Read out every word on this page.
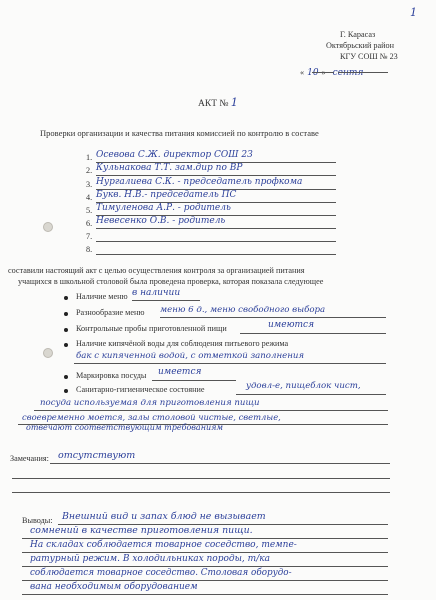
1
Г. Карасаз
Октябрьский район
КГУ СОШ № 23
« 10 » сентя
АКТ № 1
Проверки организации и качества питания комиссией по контролю в составе
1. Осевова С.Ж. директор СОШ 23
2. Кульнакова Т.Т. зам.дир по ВР
3. Нургалиева С.К. - председатель профкома
4. Букв. Н.В.- председатель ПС
5. Тимуленова А.Р. - родитель
6. Невесенко О.В. - родитель
7.
8.
составили настоящий акт с целью осуществления контроля за организацией питания
учащихся в школьной столовой была проведена проверка, которая показала следующее
Наличие меню в наличии
Разнообразие меню меню 6 д., меню свободного выбора
Контрольные пробы приготовленной пищи	имеются
Наличие кипячёной воды для соблюдения питьевого режима
бак с кипяченной водой, с отметкой заполнения
Маркировка посуды имеется
Санитарно-гигиеническое состояние	удовл-е, пищеблок чист,
посуда используемая для приготовления пищи
своевременно моется, залы столовой чистые, светлые,
отвечают соответствующим требованиям
Замечания: отсутствуют
Выводы: Внешний вид и запах блюд не вызывает
сомнений в качестве приготовления пищи.
На складах соблюдается товарное соседство, темпе-
ратурный режим. В холодильниках породы, т/ка
соблюдается товарное соседство. Столовая оборудо-
вана необходимым оборудованием
